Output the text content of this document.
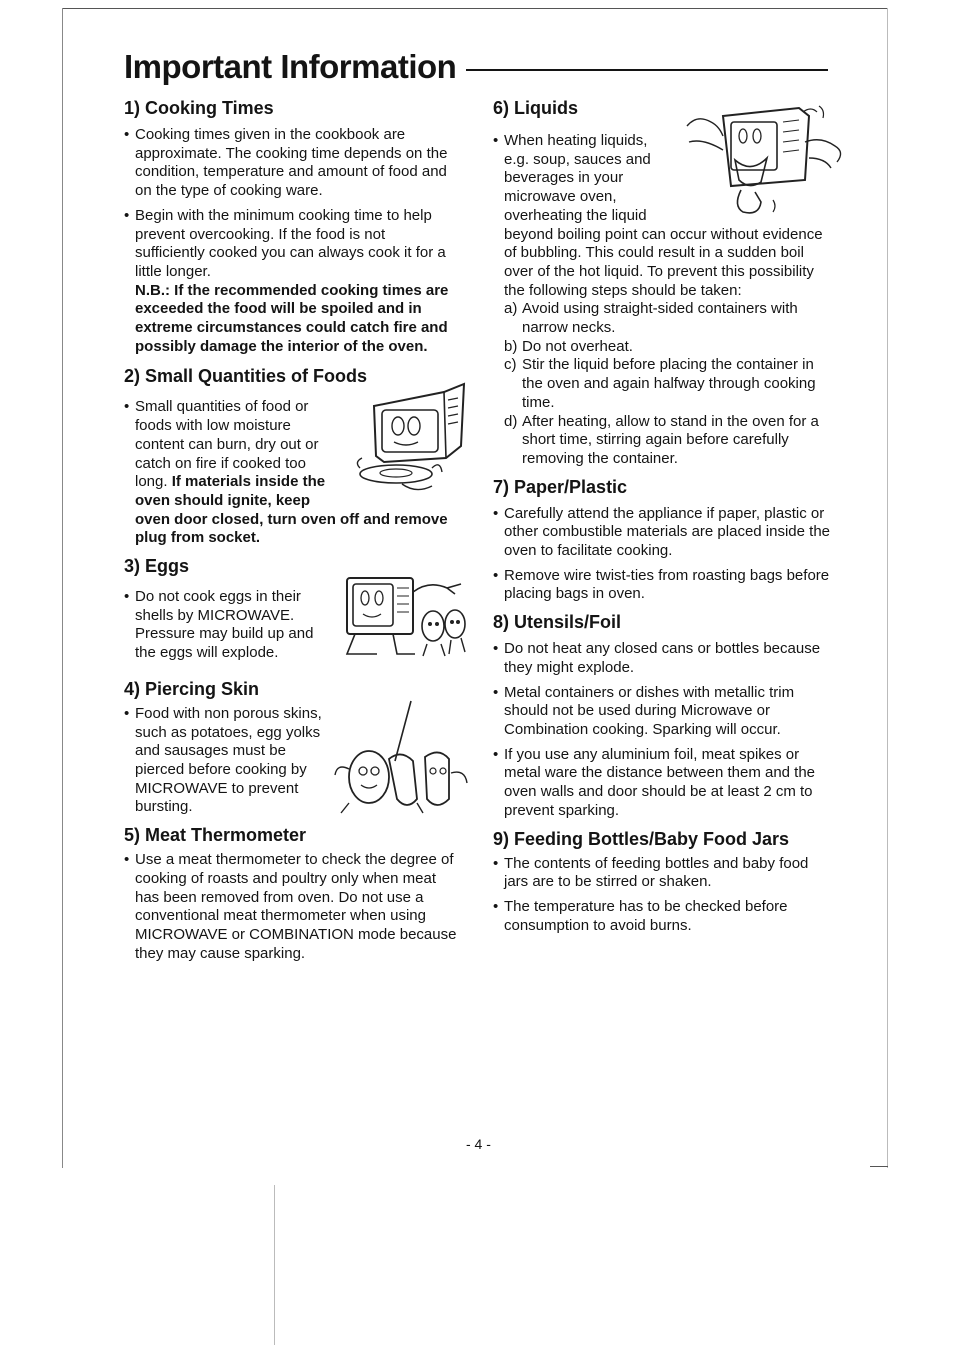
Important Information
1) Cooking Times
• Cooking times given in the cookbook are approximate. The cooking time depends on the condition, temperature and amount of food and on the type of cooking ware.
• Begin with the minimum cooking time to help prevent overcooking. If the food is not sufficiently cooked you can always cook it for a little longer.
N.B.: If the recommended cooking times are exceeded the food will be spoiled and in extreme circumstances could catch fire and possibly damage the interior of the oven.
2) Small Quantities of Foods
• Small quantities of food or foods with low moisture content can burn, dry out or catch on fire if cooked too long. If materials inside the oven should ignite, keep oven door closed, turn oven off and remove plug from socket.
3) Eggs
• Do not cook eggs in their shells by MICROWAVE. Pressure may build up and the eggs will explode.
4) Piercing Skin
• Food with non porous skins, such as potatoes, egg yolks and sausages must be pierced before cooking by MICROWAVE to prevent bursting.
5) Meat Thermometer
• Use a meat thermometer to check the degree of cooking of roasts and poultry only when meat has been removed from oven. Do not use a conventional meat thermometer when using MICROWAVE or COMBINATION mode because they may cause sparking.
6) Liquids
• When heating liquids, e.g. soup, sauces and beverages in your microwave oven, overheating the liquid beyond boiling point can occur without evidence of bubbling. This could result in a sudden boil over of the hot liquid. To prevent this possibility the following steps should be taken:
a) Avoid using straight-sided containers with narrow necks.
b) Do not overheat.
c) Stir the liquid before placing the container in the oven and again halfway through cooking time.
d) After heating, allow to stand in the oven for a short time, stirring again before carefully removing the container.
7) Paper/Plastic
• Carefully attend the appliance if paper, plastic or other combustible materials are placed inside the oven to facilitate cooking.
• Remove wire twist-ties from roasting bags before placing bags in oven.
8) Utensils/Foil
• Do not heat any closed cans or bottles because they might explode.
• Metal containers or dishes with metallic trim should not be used during Microwave or Combination cooking. Sparking will occur.
• If you use any aluminium foil, meat spikes or metal ware the distance between them and the oven walls and door should be at least 2 cm to prevent sparking.
9) Feeding Bottles/Baby Food Jars
• The contents of feeding bottles and baby food jars are to be stirred or shaken.
• The temperature has to be checked before consumption to avoid burns.
- 4 -
